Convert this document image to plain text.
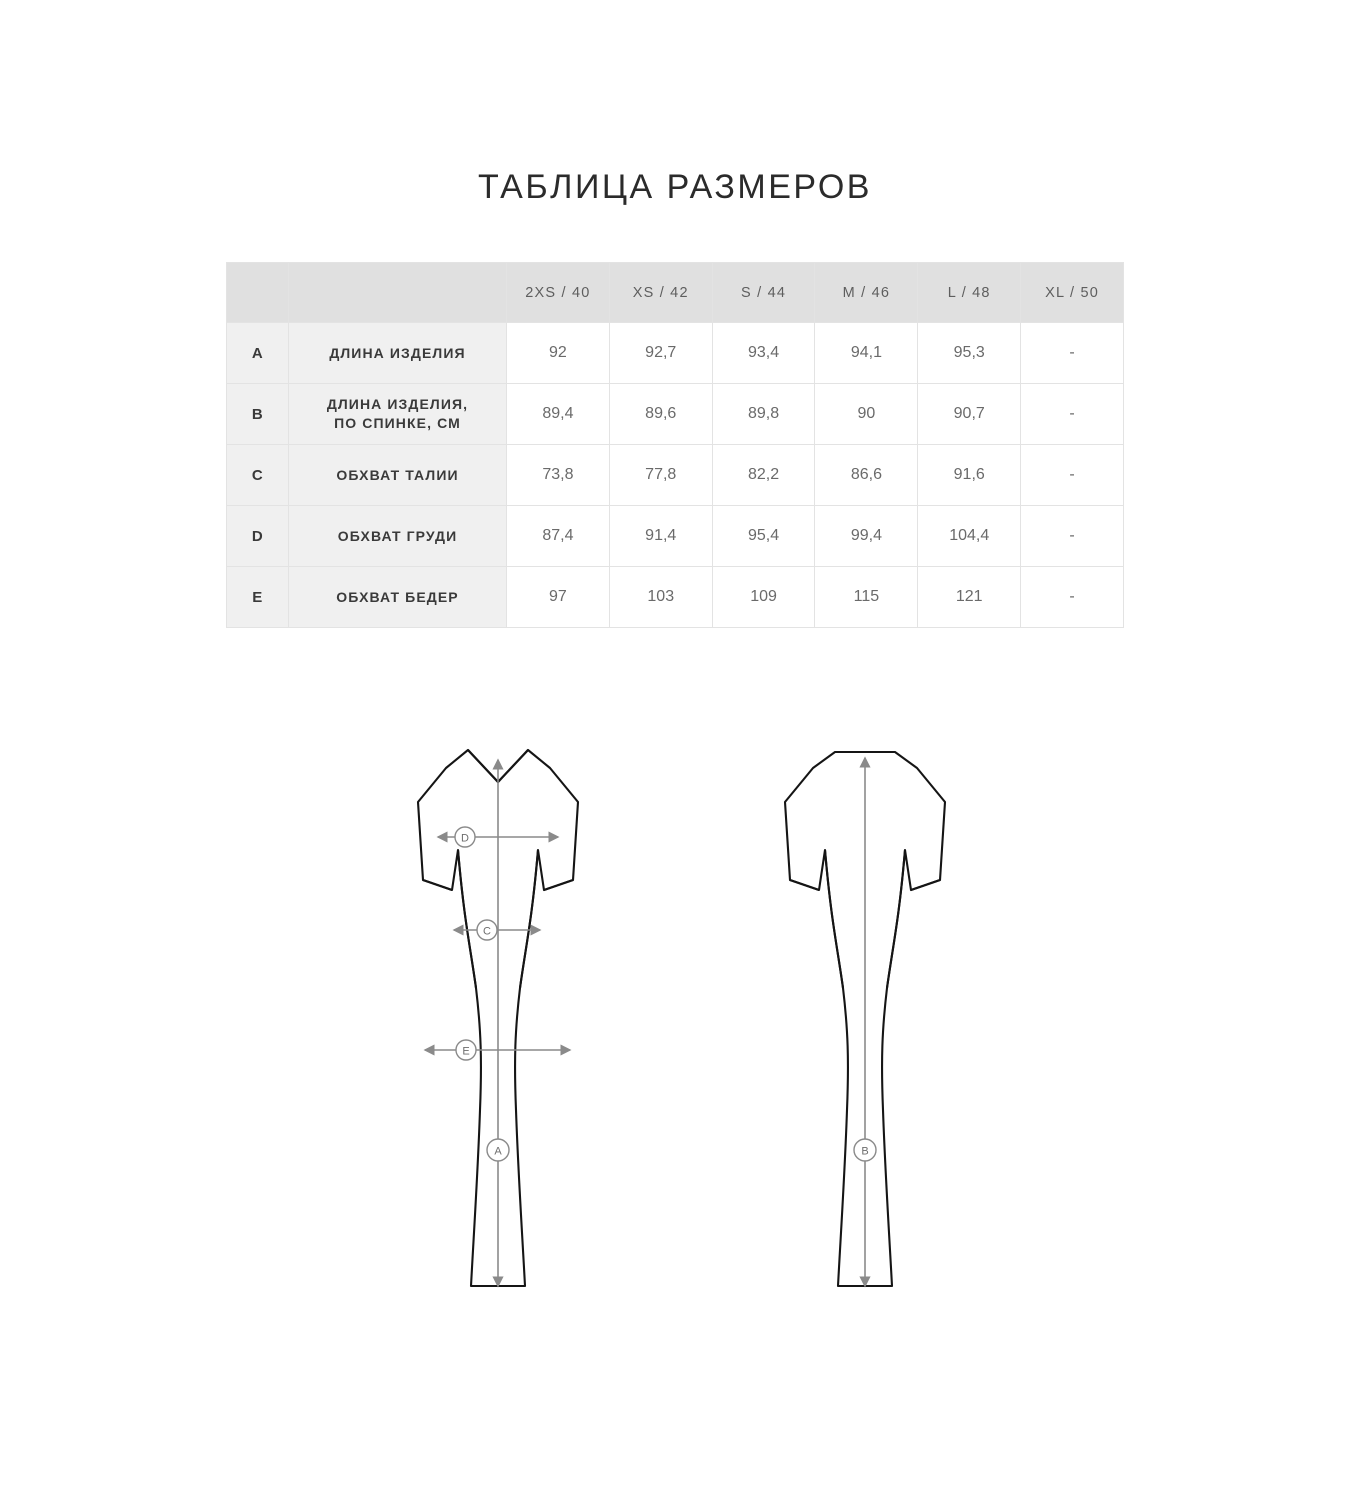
ТАБЛИЦА РАЗМЕРОВ
		2XS / 40	XS / 42	S / 44	M / 46	L / 48	XL / 50
A	ДЛИНА ИЗДЕЛИЯ	92	92,7	93,4	94,1	95,3	-
B	ДЛИНА ИЗДЕЛИЯ,
ПО СПИНКЕ, СМ	89,4	89,6	89,8	90	90,7	-
C	ОБХВАТ ТАЛИИ	73,8	77,8	82,2	86,6	91,6	-
D	ОБХВАТ ГРУДИ	87,4	91,4	95,4	99,4	104,4	-
E	ОБХВАТ БЕДЕР	97	103	109	115	121	-
D
C
E
A	B
